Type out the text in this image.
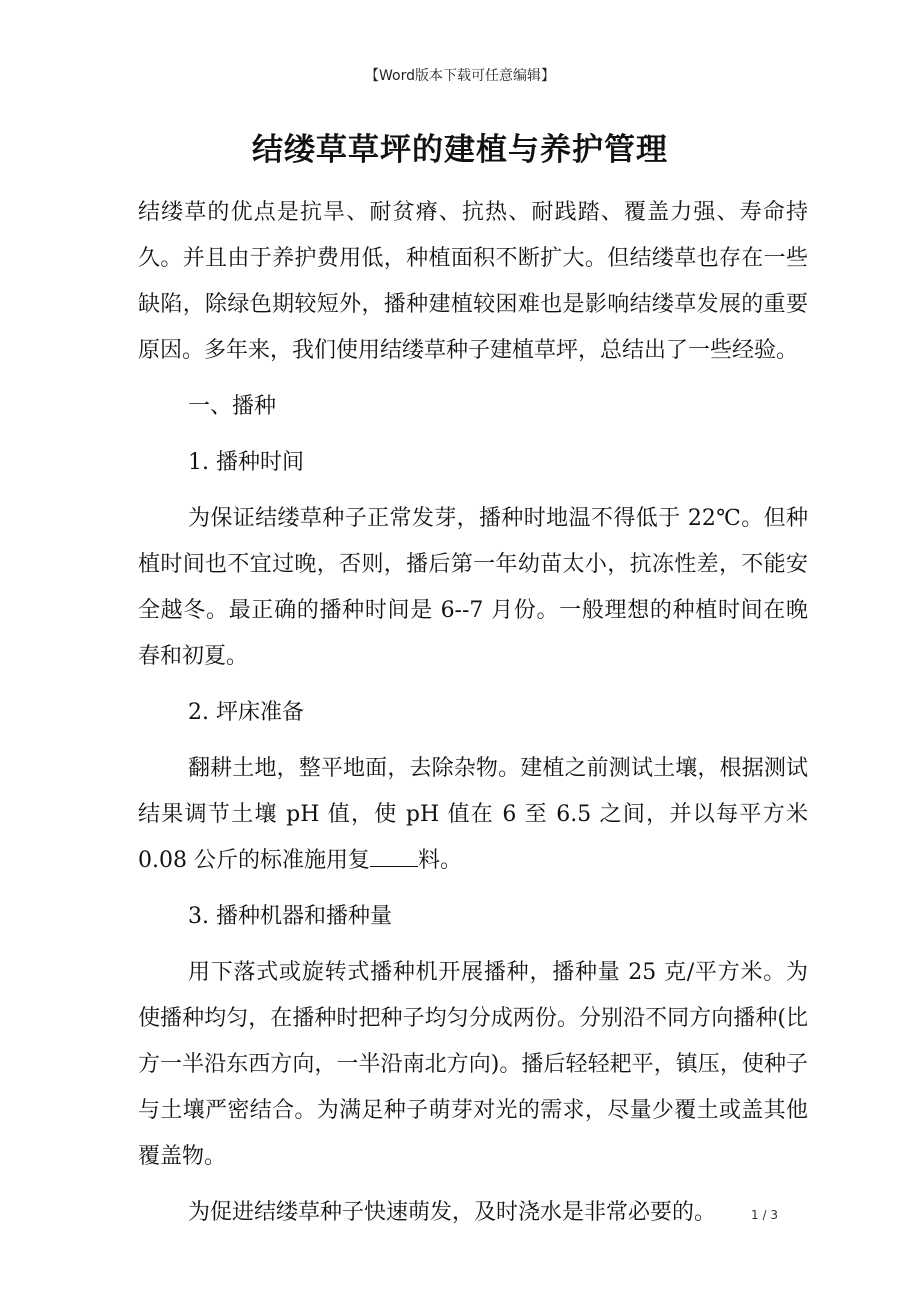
【Word版本下载可任意编辑】
结缕草草坪的建植与养护管理

结缕草的优点是抗旱、耐贫瘠、抗热、耐践踏、覆盖力强、寿命持久。并且由于养护费用低，种植面积不断扩大。但结缕草也存在一些缺陷，除绿色期较短外，播种建植较困难也是影响结缕草发展的重要原因。多年来，我们使用结缕草种子建植草坪，总结出了一些经验。

一、播种
1. 播种时间

为保证结缕草种子正常发芽，播种时地温不得低于 22℃。但种植时间也不宜过晚，否则，播后第一年幼苗太小，抗冻性差，不能安全越冬。最正确的播种时间是 6--7 月份。一般理想的种植时间在晚春和初夏。

2. 坪床准备

翻耕土地，整平地面，去除杂物。建植之前测试土壤，根据测试结果调节土壤 pH 值，使 pH 值在 6 至 6.5 之间，并以每平方米 0.08 公斤的标准施用复 料。

3. 播种机器和播种量

用下落式或旋转式播种机开展播种，播种量 25 克/平方米。为使播种均匀，在播种时把种子均匀分成两份。分别沿不同方向播种(比方一半沿东西方向，一半沿南北方向)。播后轻轻耙平，镇压，使种子与土壤严密结合。为满足种子萌芽对光的需求，尽量少覆土或盖其他覆盖物。

为促进结缕草种子快速萌发，及时浇水是非常必要的。	1 / 3
